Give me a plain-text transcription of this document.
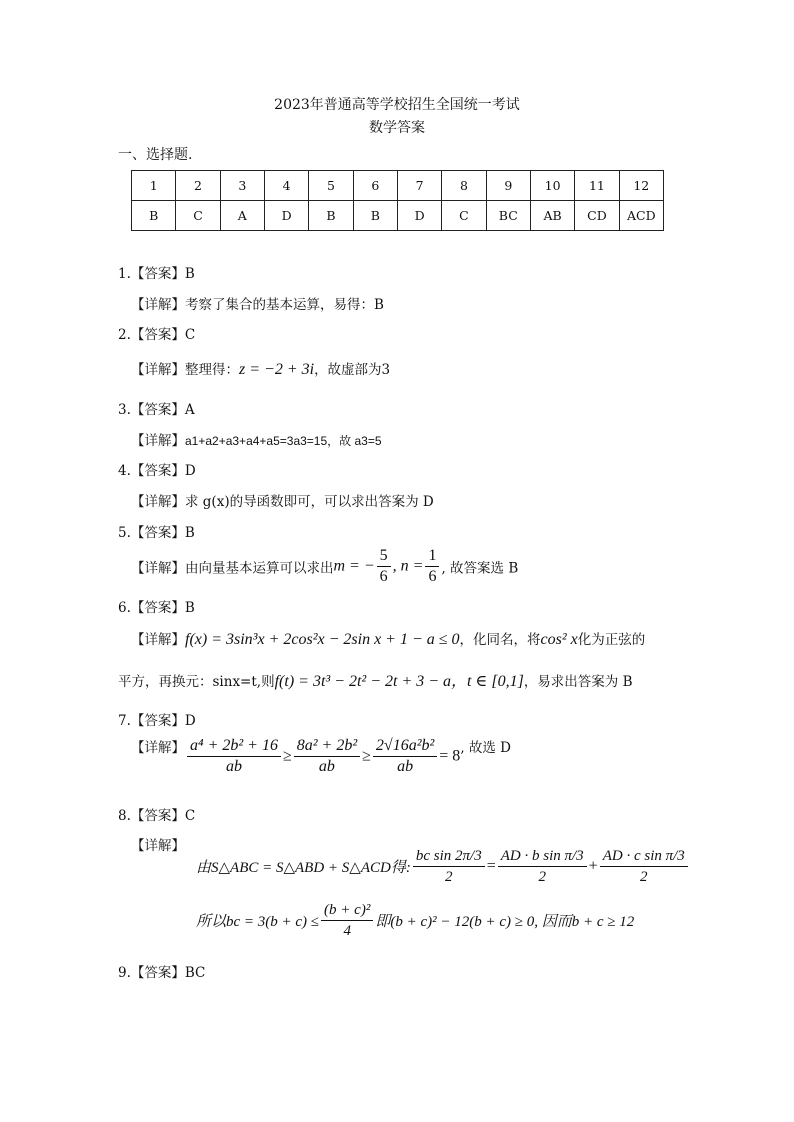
2023年普通高等学校招生全国统一考试
数学答案
一、选择题.
1	2	3	4	5	6	7	8	9	10	11	12
B	C	A	D	B	B	D	C	BC	AB	CD	ACD
1.【答案】B
【详解】考察了集合的基本运算，易得：B
2.【答案】C
【详解】整理得：z = −2 + 3i，故虚部为3
3.【答案】A
【详解】a1+a2+a3+a4+a5=3a3=15，故 a3=5
4.【答案】D
【详解】求 g(x)的导函数即可，可以求出答案为 D
5.【答案】B
【详解】由向量基本运算可以求出m = − $\frac{5}{6}$ , $n = \frac{1}{6}$ , 故答案选 B
6.【答案】B
【详解】f(x) = 3sin³x + 2cos²x − 2sin x + 1 − a ≤ 0，化同名，将cos² x化为正弦的
平方，再换元：sinx=t,则f(t) = 3t³ − 2t² − 2t + 3 − a，t ∈ [0,1]，易求出答案为 B
7.【答案】D
【详解】 $\frac{\text{a⁴ + 2b² + 16}}{ab} \ge \frac{\text{8a² + 2b²}}{ab} \ge \frac{\text{2√16a²b²}}{ab} = 8$, 故选 D
8.【答案】C
【详解】
由S△ABC = S△ABD + S△ACD得: $\frac{\text{bc sin 2π/3}}{2} = \frac{\text{AD · b sin π/3}}{2} + \frac{\text{AD · c sin π/3}}{2}$
所以bc = $3(b + c) \le \frac{\text{(b + c)²}}{4}$ 即(b + c)² − 12(b + c) ≥ 0, 因而b + c ≥ 12
9.【答案】BC
